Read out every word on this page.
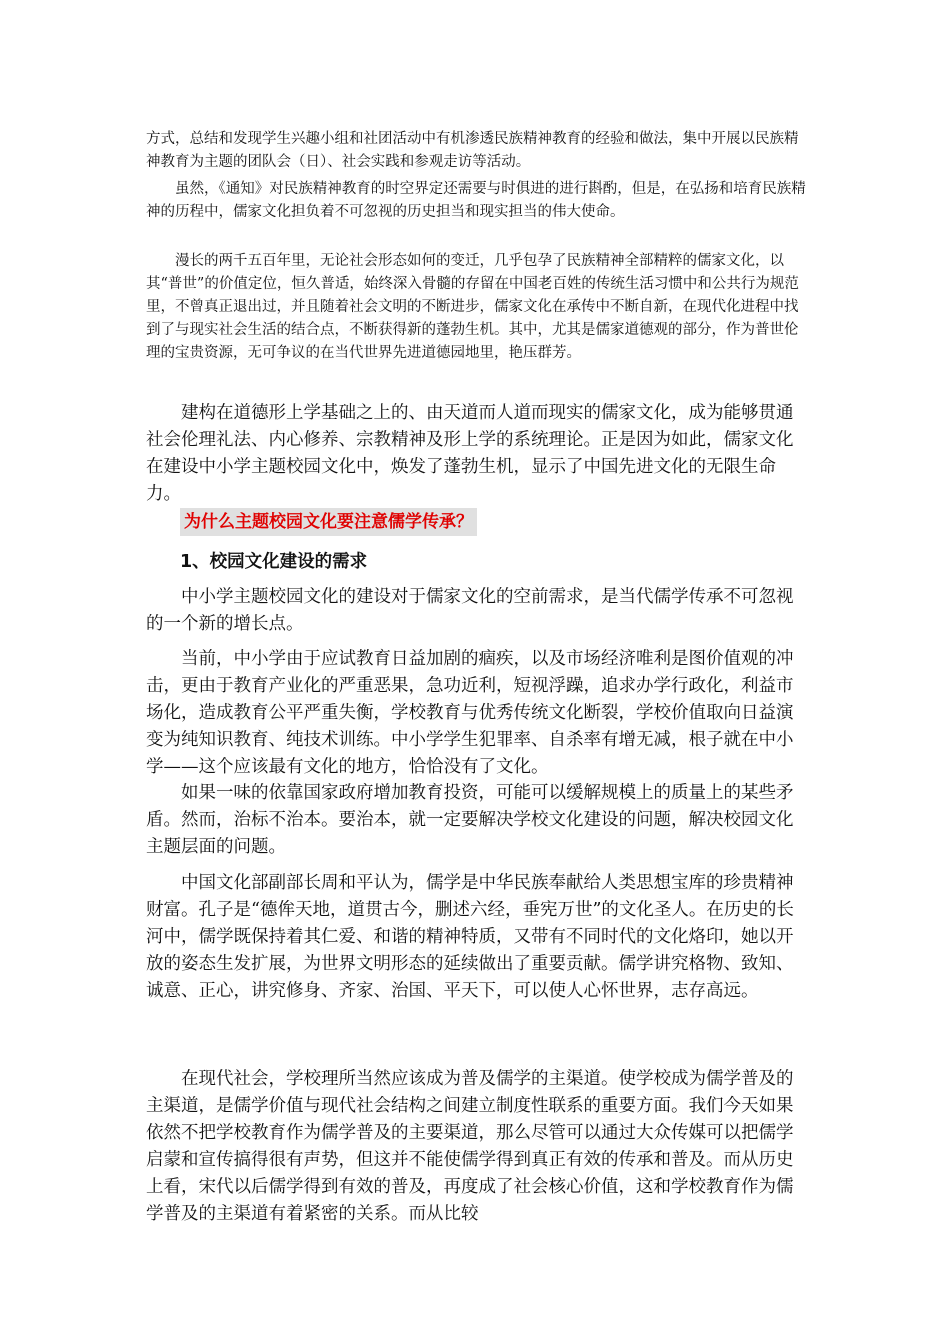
方式，总结和发现学生兴趣小组和社团活动中有机渗透民族精神教育的经验和做法，集中开展以民族精神教育为主题的团队会（日）、社会实践和参观走访等活动。

虽然，《通知》对民族精神教育的时空界定还需要与时俱进的进行斟酌，但是，在弘扬和培育民族精神的历程中，儒家文化担负着不可忽视的历史担当和现实担当的伟大使命。

漫长的两千五百年里，无论社会形态如何的变迁，几乎包孕了民族精神全部精粹的儒家文化，以其“普世”的价值定位，恒久普适，始终深入骨髓的存留在中国老百姓的传统生活习惯中和公共行为规范里，不曾真正退出过，并且随着社会文明的不断进步，儒家文化在承传中不断自新，在现代化进程中找到了与现实社会生活的结合点，不断获得新的蓬勃生机。其中，尤其是儒家道德观的部分，作为普世伦理的宝贵资源，无可争议的在当代世界先进道德园地里，艳压群芳。

建构在道德形上学基础之上的、由天道而人道而现实的儒家文化，成为能够贯通社会伦理礼法、内心修养、宗教精神及形上学的系统理论。正是因为如此，儒家文化在建设中小学主题校园文化中，焕发了蓬勃生机，显示了中国先进文化的无限生命力。

为什么主题校园文化要注意儒学传承？
1、校园文化建设的需求

中小学主题校园文化的建设对于儒家文化的空前需求，是当代儒学传承不可忽视的一个新的增长点。

当前，中小学由于应试教育日益加剧的痼疾，以及市场经济唯利是图价值观的冲击，更由于教育产业化的严重恶果，急功近利，短视浮躁，追求办学行政化，利益市场化，造成教育公平严重失衡，学校教育与优秀传统文化断裂，学校价值取向日益演变为纯知识教育、纯技术训练。中小学学生犯罪率、自杀率有增无减，根子就在中小学——这个应该最有文化的地方，恰恰没有了文化。

如果一味的依靠国家政府增加教育投资，可能可以缓解规模上的质量上的某些矛盾。然而，治标不治本。要治本，就一定要解决学校文化建设的问题，解决校园文化主题层面的问题。

中国文化部副部长周和平认为，儒学是中华民族奉献给人类思想宝库的珍贵精神财富。孔子是“德侔天地，道贯古今，删述六经，垂宪万世”的文化圣人。在历史的长河中，儒学既保持着其仁爱、和谐的精神特质，又带有不同时代的文化烙印，她以开放的姿态生发扩展，为世界文明形态的延续做出了重要贡献。儒学讲究格物、致知、诚意、正心，讲究修身、齐家、治国、平天下，可以使人心怀世界，志存高远。

在现代社会，学校理所当然应该成为普及儒学的主渠道。使学校成为儒学普及的主渠道，是儒学价值与现代社会结构之间建立制度性联系的重要方面。我们今天如果依然不把学校教育作为儒学普及的主要渠道，那么尽管可以通过大众传媒可以把儒学启蒙和宣传搞得很有声势，但这并不能使儒学得到真正有效的传承和普及。而从历史上看，宋代以后儒学得到有效的普及，再度成了社会核心价值，这和学校教育作为儒学普及的主渠道有着紧密的关系。而从比较
